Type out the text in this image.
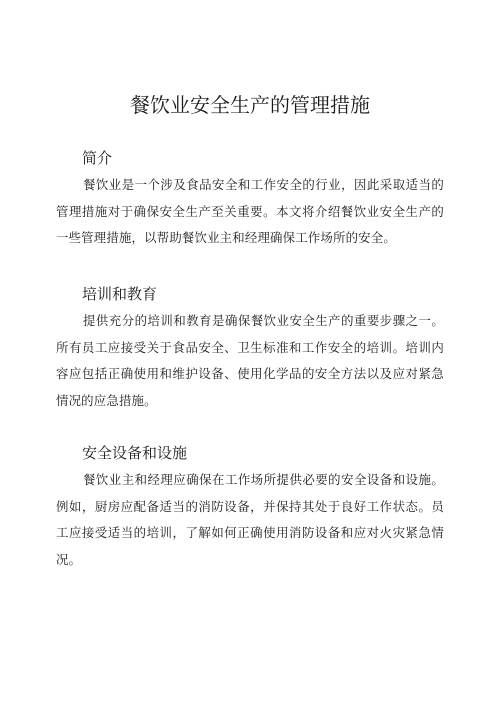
餐饮业安全生产的管理措施
简介

餐饮业是一个涉及食品安全和工作安全的行业，因此采取适当的管理措施对于确保安全生产至关重要。本文将介绍餐饮业安全生产的一些管理措施，以帮助餐饮业主和经理确保工作场所的安全。

培训和教育

提供充分的培训和教育是确保餐饮业安全生产的重要步骤之一。所有员工应接受关于食品安全、卫生标准和工作安全的培训。培训内容应包括正确使用和维护设备、使用化学品的安全方法以及应对紧急情况的应急措施。

安全设备和设施

餐饮业主和经理应确保在工作场所提供必要的安全设备和设施。例如，厨房应配备适当的消防设备，并保持其处于良好工作状态。员工应接受适当的培训，了解如何正确使用消防设备和应对火灾紧急情况。
